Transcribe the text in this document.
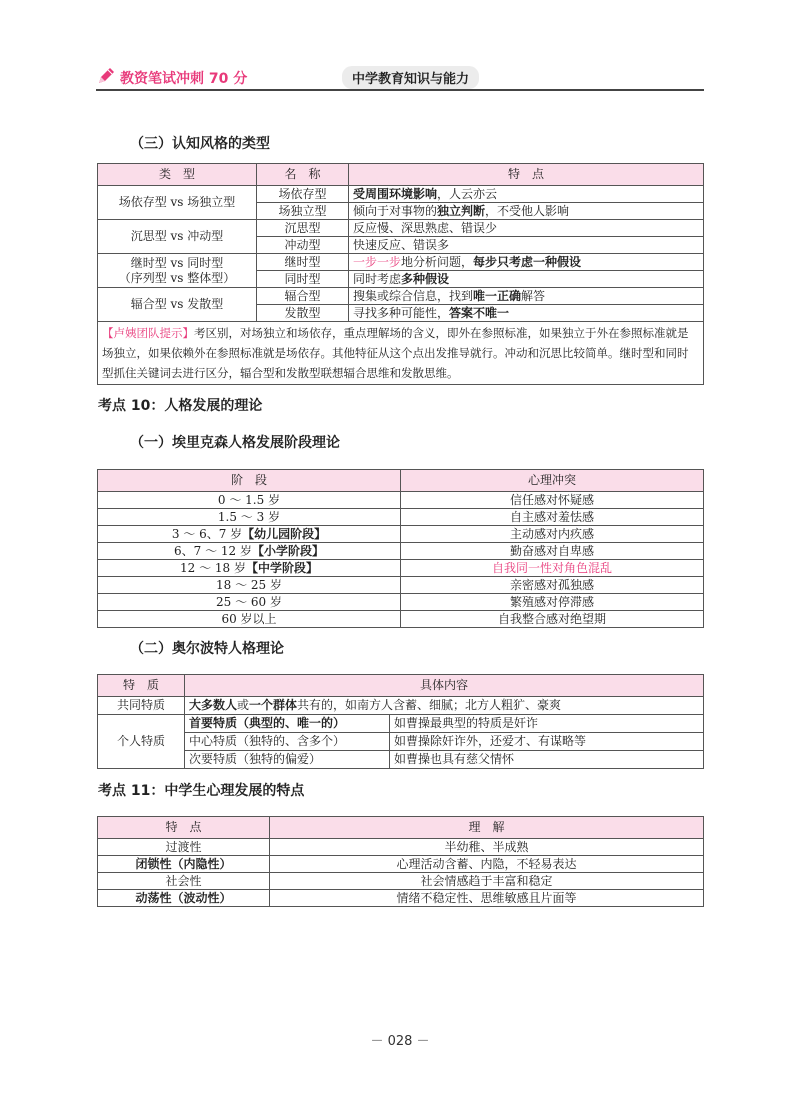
教资笔试冲刺 70 分	中学教育知识与能力
（三）认知风格的类型
类　型	名　称	特　点

场依存型 vs 场独立型	场依存型	受周围环境影响，人云亦云
	场独立型	倾向于对事物的独立判断，不受他人影响

沉思型 vs 冲动型	沉思型	反应慢、深思熟虑、错误少
	冲动型	快速反应、错误多

继时型 vs 同时型
（序列型 vs 整体型）	继时型	一步一步地分析问题，每步只考虑一种假设
	同时型	同时考虑多种假设

辐合型 vs 发散型	辐合型	搜集或综合信息，找到唯一正确解答
	发散型	寻找多种可能性，答案不唯一
【卢姨团队提示】考区别，对场独立和场依存，重点理解场的含义，即外在参照标准，如果独立于外在参照标准就是场独立，如果依赖外在参照标准就是场依存。其他特征从这个点出发推导就行。冲动和沉思比较简单。继时型和同时型抓住关键词去进行区分，辐合型和发散型联想辐合思维和发散思维。		
考点 10：人格发展的理论
（一）埃里克森人格发展阶段理论
阶　段	心理冲突
0 ～ 1.5 岁	信任感对怀疑感
1.5 ～ 3 岁	自主感对羞怯感
3 ～ 6、7 岁【幼儿园阶段】	主动感对内疚感
6、7 ～ 12 岁【小学阶段】	勤奋感对自卑感
12 ～ 18 岁【中学阶段】	自我同一性对角色混乱
18 ～ 25 岁	亲密感对孤独感
25 ～ 60 岁	繁殖感对停滞感
60 岁以上	自我整合感对绝望期
（二）奥尔波特人格理论
特　质	具体内容	
共同特质	大多数人或一个群体共有的，如南方人含蓄、细腻；北方人粗犷、豪爽	
个人特质	首要特质（典型的、唯一的）	如曹操最典型的特质是奸诈
	中心特质（独特的、含多个）	如曹操除奸诈外，还爱才、有谋略等
	次要特质（独特的偏爱）	如曹操也具有慈父情怀
考点 11：中学生心理发展的特点
特　点	理　解
过渡性	半幼稚、半成熟
闭锁性（内隐性）	心理活动含蓄、内隐，不轻易表达
社会性	社会情感趋于丰富和稳定
动荡性（波动性）	情绪不稳定性、思维敏感且片面等
－ 028 －
